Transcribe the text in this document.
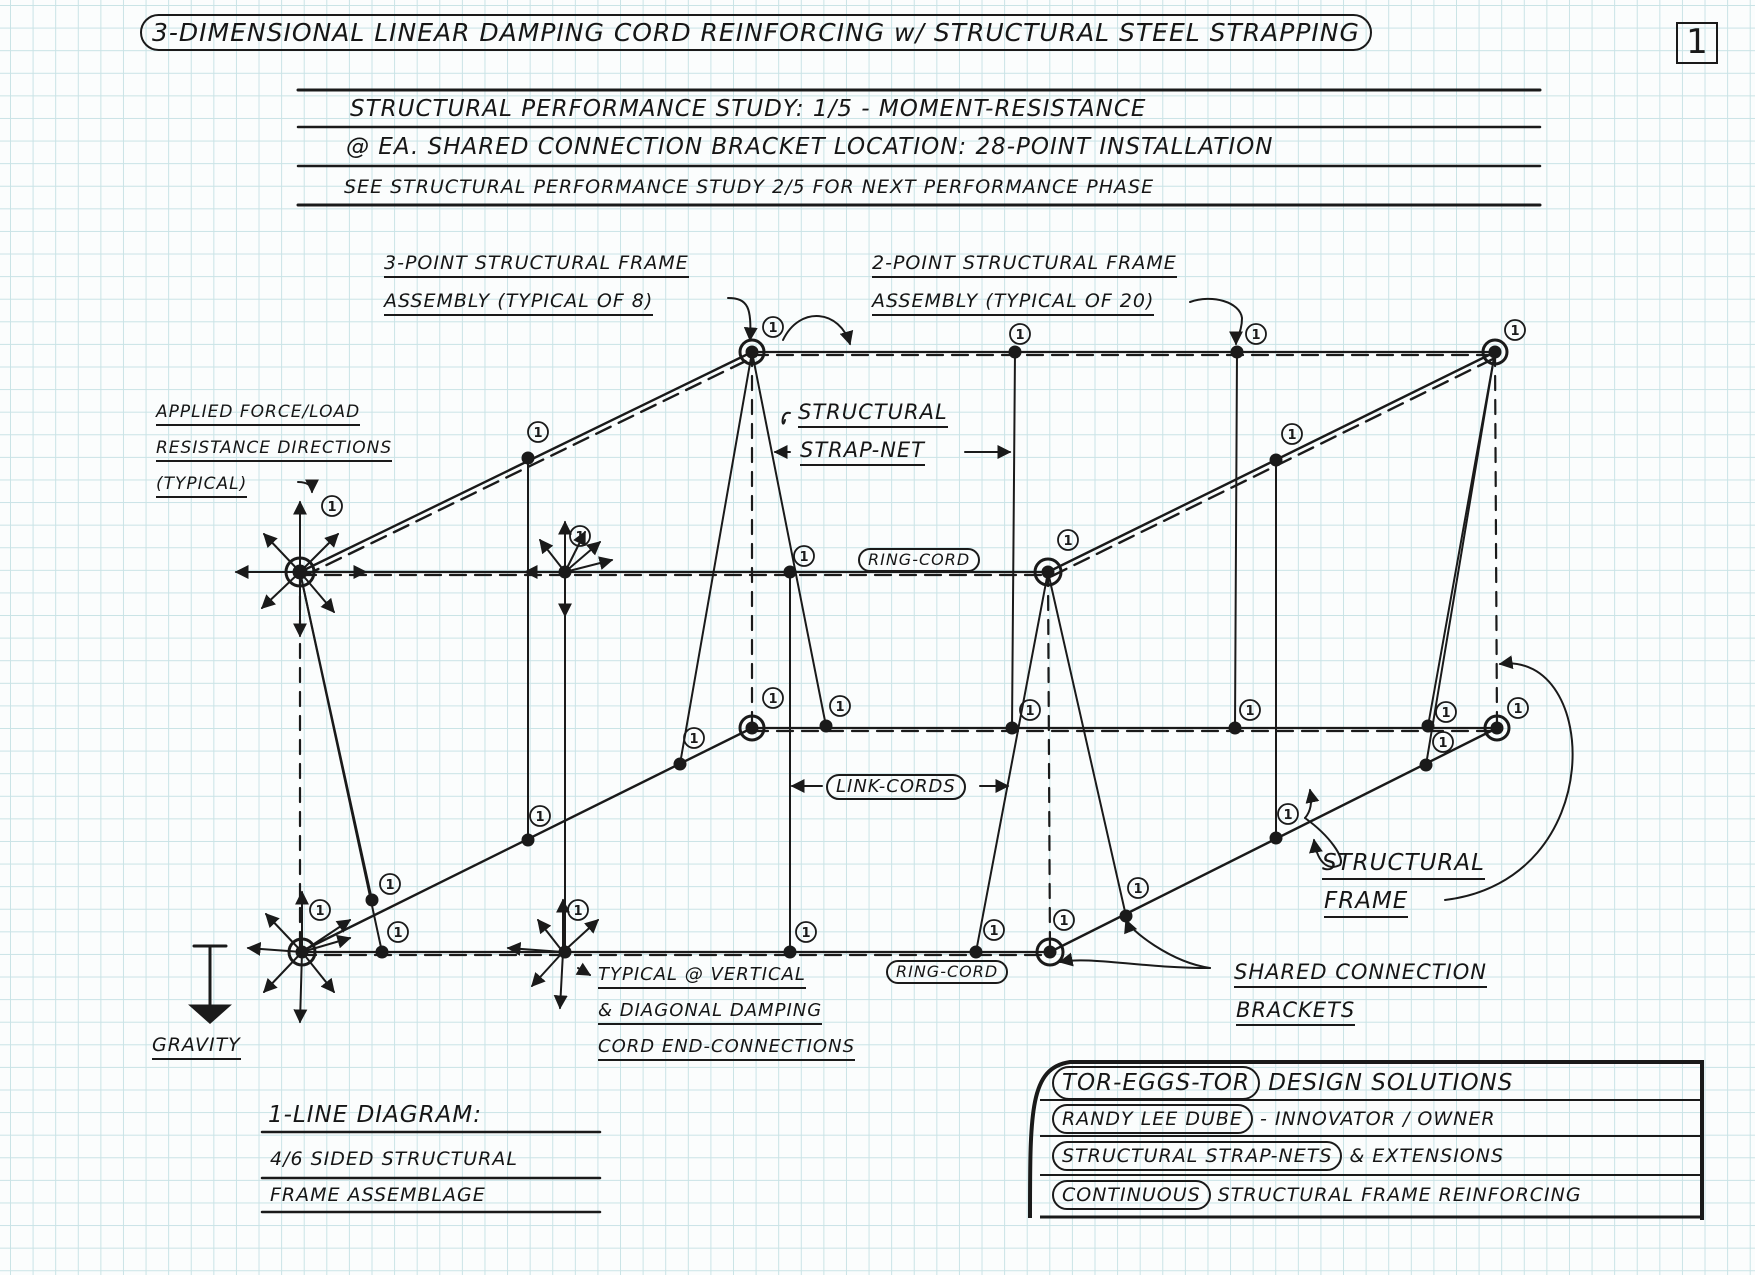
1	1	1	1
1	1
1
1
1
1
1
1	1	1	1	1
1
1
1	1
1
1
1
1
1	1
1
1
3-DIMENSIONAL LINEAR DAMPING CORD REINFORCING w/ STRUCTURAL STEEL STRAPPING	1
STRUCTURAL PERFORMANCE STUDY: 1/5 - MOMENT-RESISTANCE
@ EA. SHARED CONNECTION BRACKET LOCATION: 28-POINT INSTALLATION
SEE STRUCTURAL PERFORMANCE STUDY 2/5 FOR NEXT PERFORMANCE PHASE
3-POINT STRUCTURAL FRAME
ASSEMBLY (TYPICAL OF 8)
2-POINT STRUCTURAL FRAME
ASSEMBLY (TYPICAL OF 20)
APPLIED FORCE/LOAD
RESISTANCE DIRECTIONS
(TYPICAL)
STRUCTURAL
STRAP-NET
RING-CORD
LINK-CORDS
RING-CORD
STRUCTURAL
FRAME
TYPICAL @ VERTICAL
& DIAGONAL DAMPING
CORD END-CONNECTIONS
SHARED CONNECTION
BRACKETS
GRAVITY
1-LINE DIAGRAM:
4/6 SIDED STRUCTURAL
FRAME ASSEMBLAGE
TOR-EGGS-TOR DESIGN SOLUTIONS
RANDY LEE DUBE - INNOVATOR / OWNER
STRUCTURAL STRAP-NETS & EXTENSIONS
CONTINUOUS STRUCTURAL FRAME REINFORCING
